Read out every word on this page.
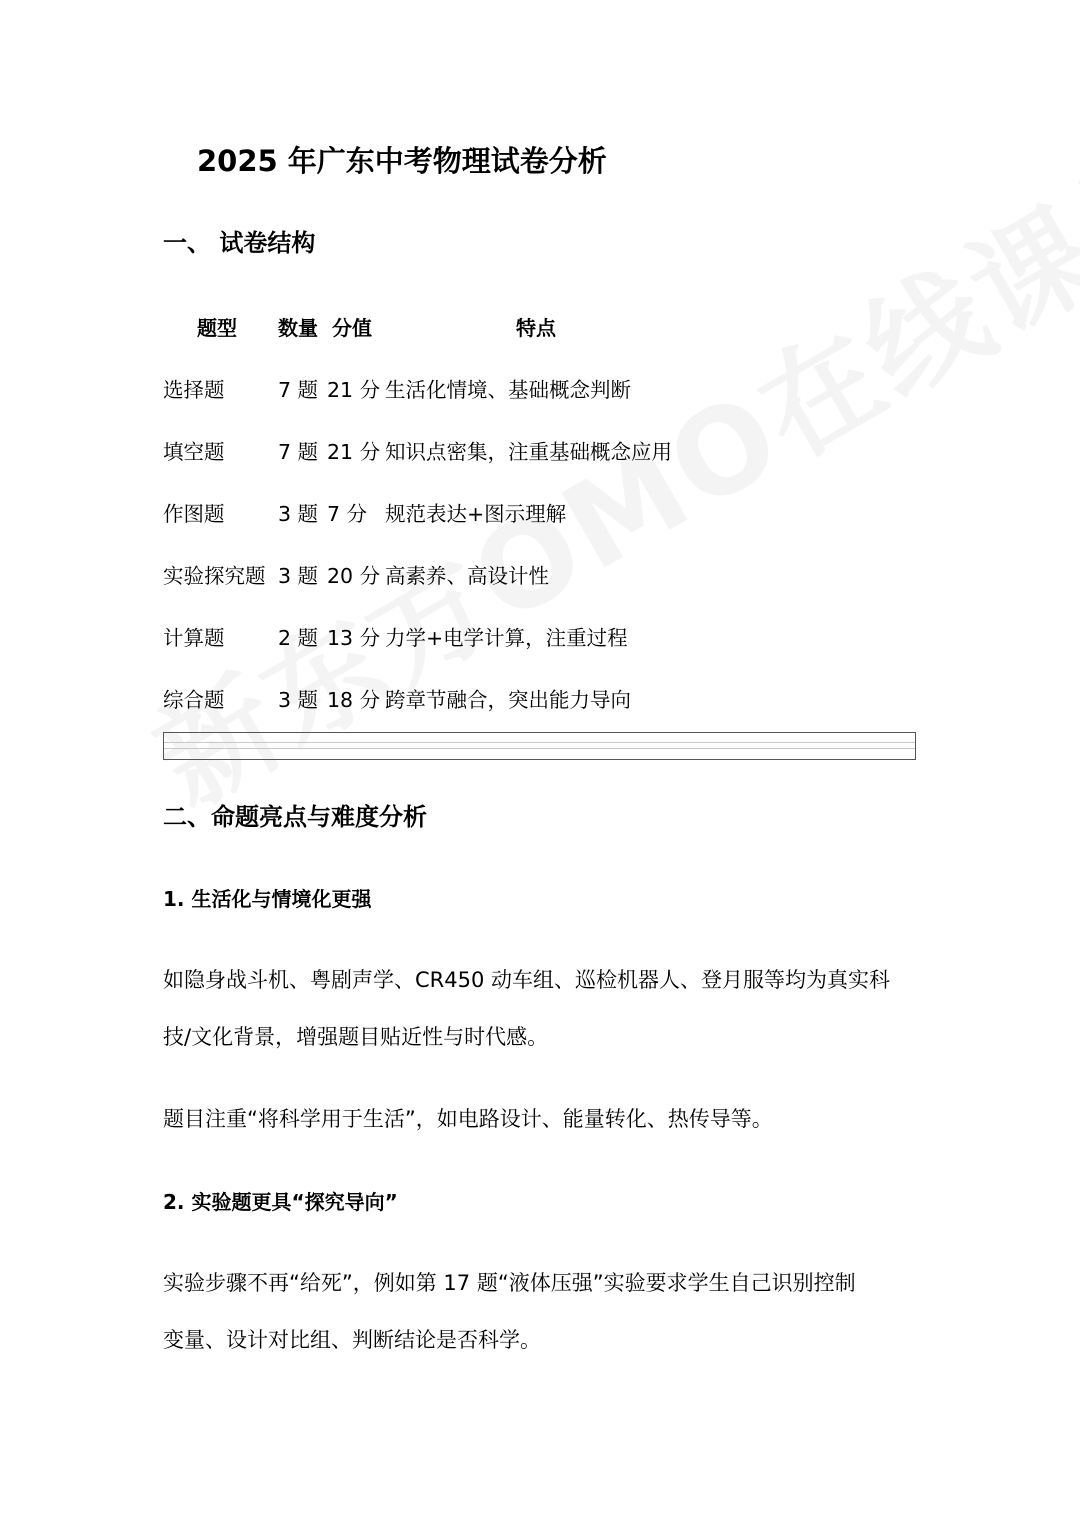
2025 年广东中考物理试卷分析
一、 试卷结构
题型 数量 分值	特点
选择题	7 题 21 分 生活化情境、基础概念判断
填空题	7 题 21 分 知识点密集，注重基础概念应用
作图题	3 题 7 分 规范表达+图示理解
实验探究题 3 题 20 分 高素养、高设计性
计算题	2 题 13 分 力学+电学计算，注重过程
综合题	3 题 18 分 跨章节融合，突出能力导向
二、命题亮点与难度分析
1. 生活化与情境化更强
如隐身战斗机、粤剧声学、CR450 动车组、巡检机器人、登月服等均为真实科
技/文化背景，增强题目贴近性与时代感。
题目注重“将科学用于生活”，如电路设计、能量转化、热传导等。
2. 实验题更具“探究导向”
实验步骤不再“给死”，例如第 17 题“液体压强”实验要求学生自己识别控制
变量、设计对比组、判断结论是否科学。
